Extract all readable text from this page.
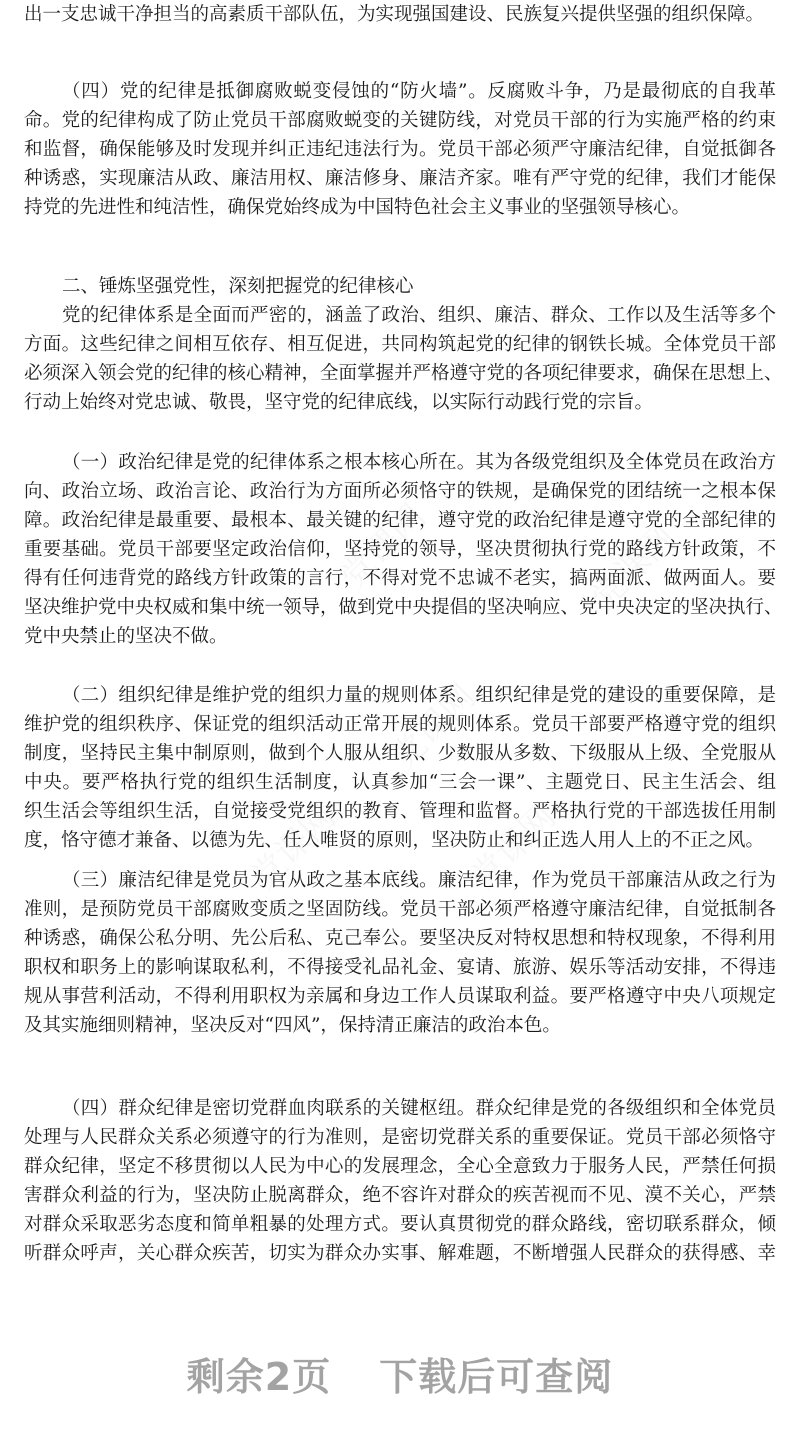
出一支忠诚干净担当的高素质干部队伍，为实现强国建设、民族复兴提供坚强的组织保障。
（四）党的纪律是抵御腐败蜕变侵蚀的“防火墙”。反腐败斗争，乃是最彻底的自我革
命。党的纪律构成了防止党员干部腐败蜕变的关键防线，对党员干部的行为实施严格的约束
和监督，确保能够及时发现并纠正违纪违法行为。党员干部必须严守廉洁纪律，自觉抵御各
种诱惑，实现廉洁从政、廉洁用权、廉洁修身、廉洁齐家。唯有严守党的纪律，我们才能保
持党的先进性和纯洁性，确保党始终成为中国特色社会主义事业的坚强领导核心。
二、锤炼坚强党性，深刻把握党的纪律核心
党的纪律体系是全面而严密的，涵盖了政治、组织、廉洁、群众、工作以及生活等多个
方面。这些纪律之间相互依存、相互促进，共同构筑起党的纪律的钢铁长城。全体党员干部
必须深入领会党的纪律的核心精神，全面掌握并严格遵守党的各项纪律要求，确保在思想上、
行动上始终对党忠诚、敬畏，坚守党的纪律底线，以实际行动践行党的宗旨。
（一）政治纪律是党的纪律体系之根本核心所在。其为各级党组织及全体党员在政治方
向、政治立场、政治言论、政治行为方面所必须恪守的铁规，是确保党的团结统一之根本保
障。政治纪律是最重要、最根本、最关键的纪律，遵守党的政治纪律是遵守党的全部纪律的
重要基础。党员干部要坚定政治信仰，坚持党的领导，坚决贯彻执行党的路线方针政策，不
得有任何违背党的路线方针政策的言行，不得对党不忠诚不老实，搞两面派、做两面人。要
坚决维护党中央权威和集中统一领导，做到党中央提倡的坚决响应、党中央决定的坚决执行、
党中央禁止的坚决不做。
（二）组织纪律是维护党的组织力量的规则体系。组织纪律是党的建设的重要保障，是
维护党的组织秩序、保证党的组织活动正常开展的规则体系。党员干部要严格遵守党的组织
制度，坚持民主集中制原则，做到个人服从组织、少数服从多数、下级服从上级、全党服从
中央。要严格执行党的组织生活制度，认真参加“三会一课”、主题党日、民主生活会、组
织生活会等组织生活，自觉接受党组织的教育、管理和监督。严格执行党的干部选拔任用制
度，恪守德才兼备、以德为先、任人唯贤的原则，坚决防止和纠正选人用人上的不正之风。
（三）廉洁纪律是党员为官从政之基本底线。廉洁纪律，作为党员干部廉洁从政之行为
准则，是预防党员干部腐败变质之坚固防线。党员干部必须严格遵守廉洁纪律，自觉抵制各
种诱惑，确保公私分明、先公后私、克己奉公。要坚决反对特权思想和特权现象，不得利用
职权和职务上的影响谋取私利，不得接受礼品礼金、宴请、旅游、娱乐等活动安排，不得违
规从事营利活动，不得利用职权为亲属和身边工作人员谋取利益。要严格遵守中央八项规定
及其实施细则精神，坚决反对“四风”，保持清正廉洁的政治本色。
（四）群众纪律是密切党群血肉联系的关键枢纽。群众纪律是党的各级组织和全体党员
处理与人民群众关系必须遵守的行为准则，是密切党群关系的重要保证。党员干部必须恪守
群众纪律，坚定不移贯彻以人民为中心的发展理念，全心全意致力于服务人民，严禁任何损
害群众利益的行为，坚决防止脱离群众，绝不容许对群众的疾苦视而不见、漠不关心，严禁
对群众采取恶劣态度和简单粗暴的处理方式。要认真贯彻党的群众路线，密切联系群众，倾
听群众呼声，关心群众疾苦，切实为群众办实事、解难题，不断增强人民群众的获得感、幸
剩余2页 下载后可查阅
